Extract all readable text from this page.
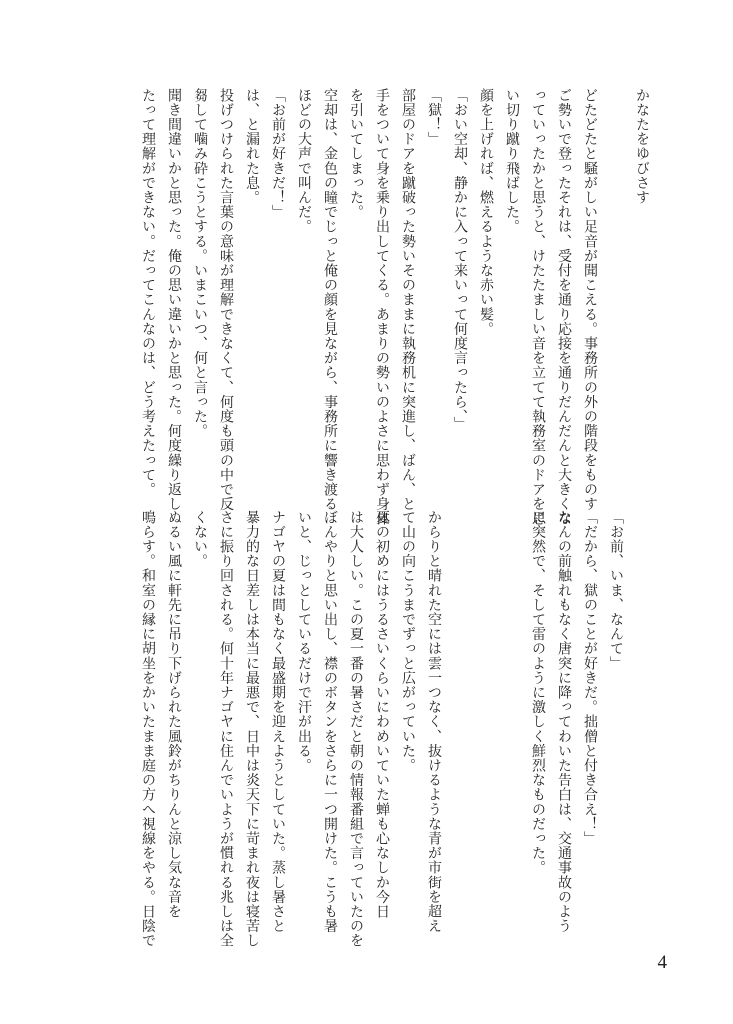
かなたをゆびさす

どたどたと騒がしい足音が聞こえる。事務所の外の階段をものす
ご勢いで登ったそれは、受付を通り応接を通りだんだんと大きくな
っていったかと思うと、けたたましい音を立てて執務室のドアを思
い切り蹴り飛ばした。
顔を上げれば、燃えるような赤い髪。
「おい空却、静かに入って来いって何度言ったら、」
「獄！」
部屋のドアを蹴破った勢いそのままに執務机に突進し、ばん、と
手をついて身を乗り出してくる。あまりの勢いのよさに思わず身体
を引いてしまった。
空却は、金色の瞳でじっと俺の顔を見ながら、事務所に響き渡る
ほどの大声で叫んだ。
「お前が好きだ！」
は、と漏れた息。
投げつけられた言葉の意味が理解できなくて、何度も頭の中で反
芻して噛み砕こうとする。いまこいつ、何と言った。
聞き間違いかと思った。俺の思い違いかと思った。何度繰り返し
たって理解ができない。だってこんなのは、どう考えたって。

「お前、いま、なんて」
「だから、獄のことが好きだ。拙僧と付き合え！」
なんの前触れもなく唐突に降ってわいた告白は、交通事故のよう
に突然で、そして雷のように激しく鮮烈なものだった。

からりと晴れた空には雲一つなく、抜けるような青が市街を超え
て山の向こうまでずっと広がっていた。
夏の初めにはうるさいくらいにわめいていた蝉も心なしか今日
は大人しい。この夏一番の暑さだと朝の情報番組で言っていたのを
ぼんやりと思い出し、襟のボタンをさらに一つ開けた。こうも暑
いと、じっとしているだけで汗が出る。
ナゴヤの夏は間もなく最盛期を迎えようとしていた。蒸し暑さと
暴力的な日差しは本当に最悪で、日中は炎天下に苛まれ夜は寝苦し
さに振り回される。何十年ナゴヤに住んでいようが慣れる兆しは全
くない。
ぬるい風に軒先に吊り下げられた風鈴がちりんと涼し気な音を
鳴らす。和室の縁に胡坐をかいたまま庭の方へ視線をやる。日陰で
4
